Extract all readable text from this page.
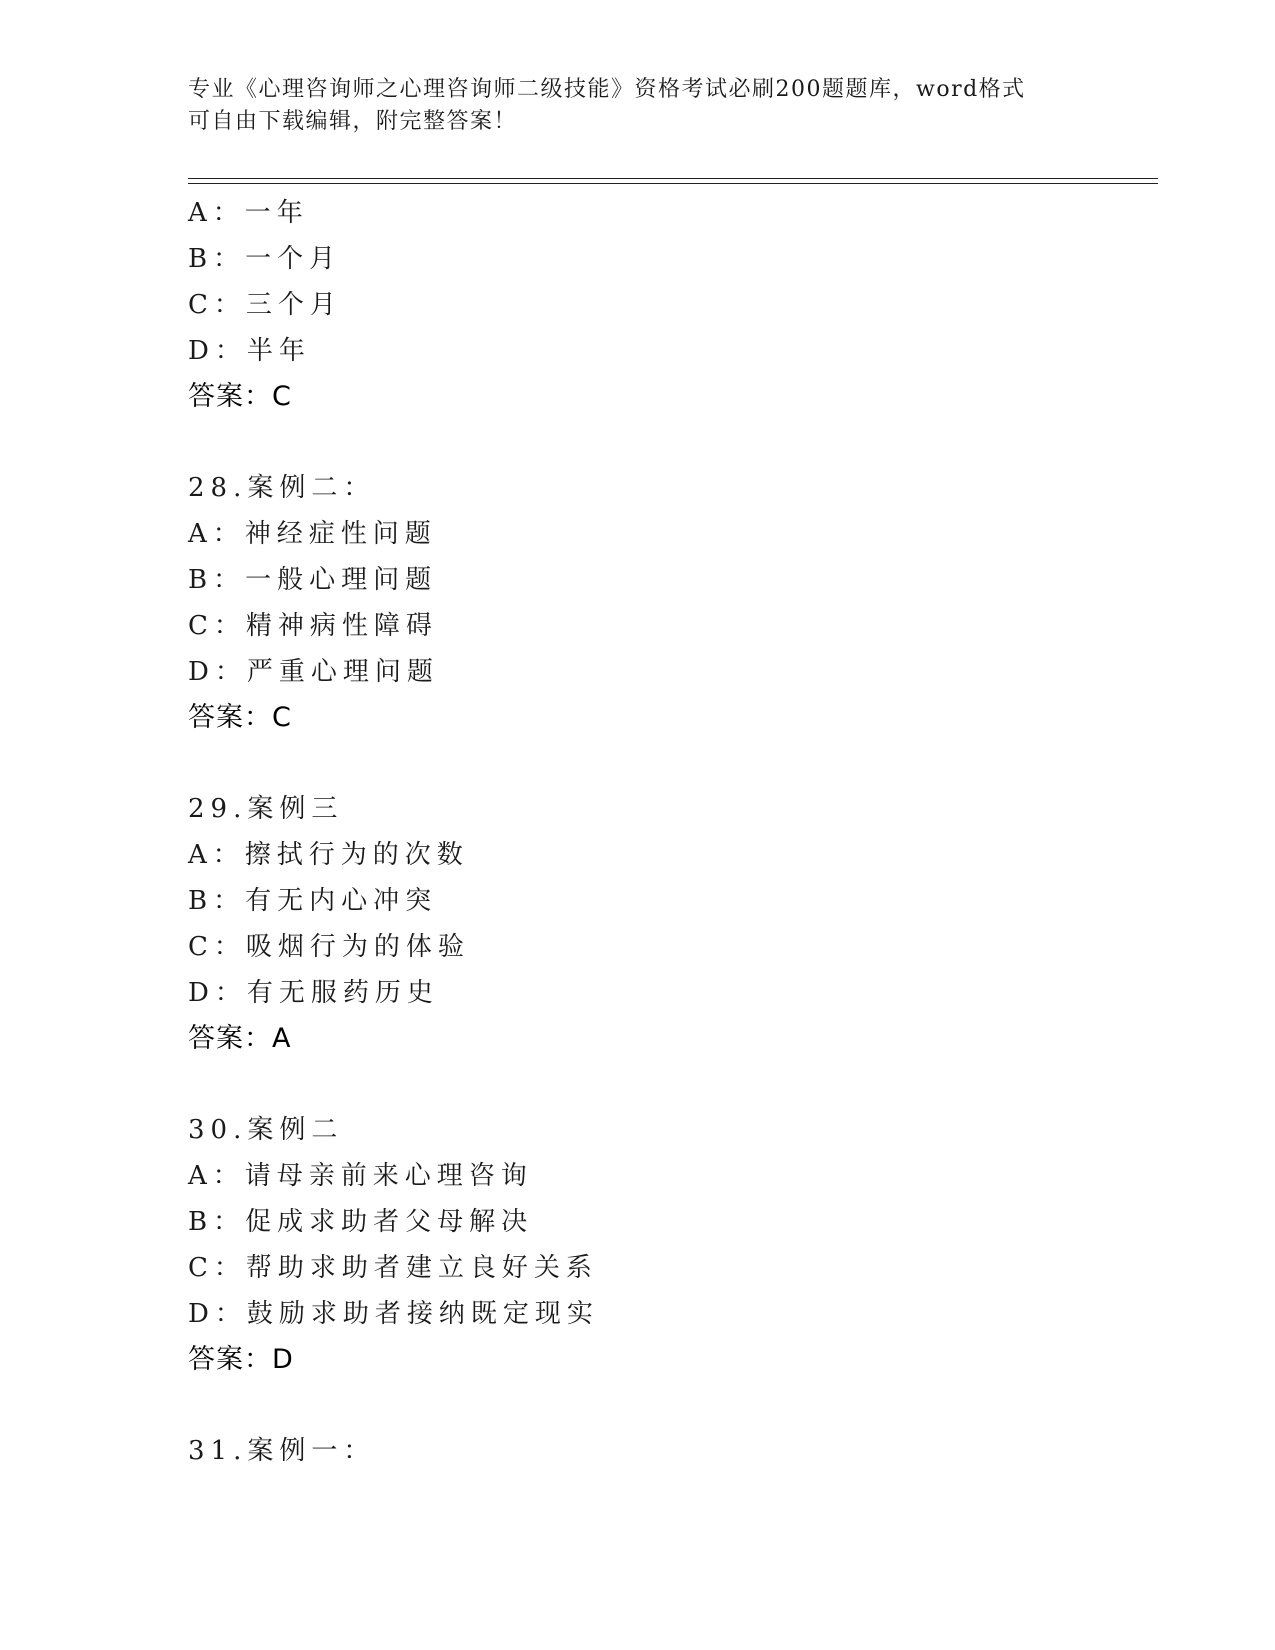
专业《心理咨询师之心理咨询师二级技能》资格考试必刷200题题库，word格式
可自由下载编辑，附完整答案！
A：一年
B：一个月
C：三个月
D：半年
答案：C
28.案例二：
A：神经症性问题
B：一般心理问题
C：精神病性障碍
D：严重心理问题
答案：C
29.案例三
A：擦拭行为的次数
B：有无内心冲突
C：吸烟行为的体验
D：有无服药历史
答案：A
30.案例二
A：请母亲前来心理咨询
B：促成求助者父母解决
C：帮助求助者建立良好关系
D：鼓励求助者接纳既定现实
答案：D
31.案例一：
